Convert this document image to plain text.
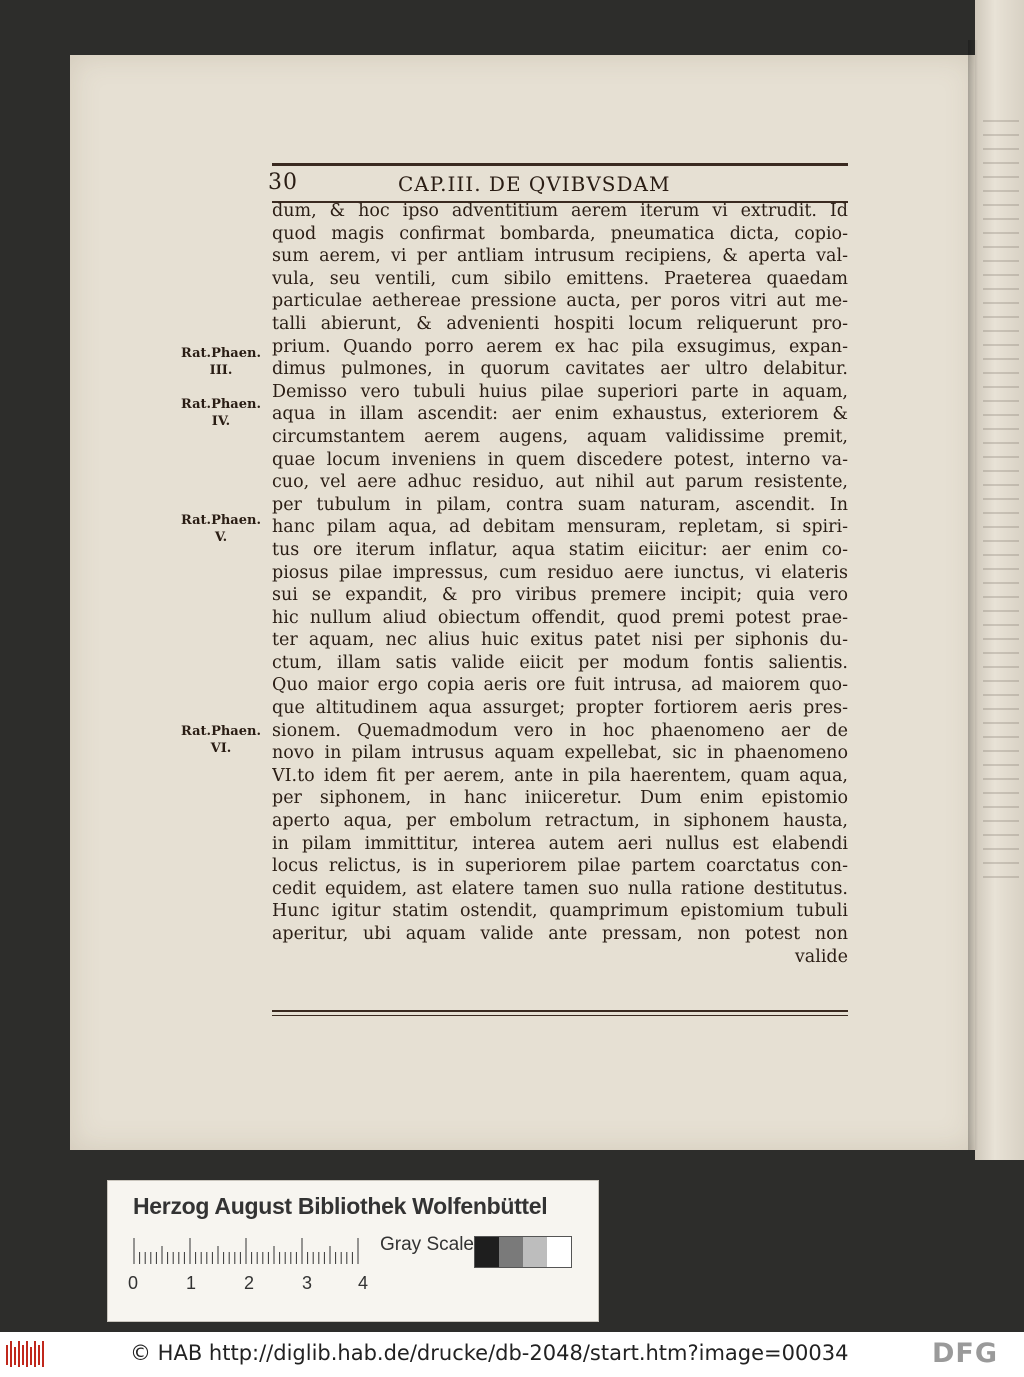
30	CAP.III. DE QVIBVSDAM
dum, & hoc ipso adventitium aerem iterum vi extrudit. Id
quod magis confirmat bombarda, pneumatica dicta, copio-
sum aerem, vi per antliam intrusum recipiens, & aperta val-
vula, seu ventili, cum sibilo emittens. Praeterea quaedam
particulae aethereae pressione aucta, per poros vitri aut me-
talli abierunt, & advenienti hospiti locum reliquerunt pro-
prium. Quando porro aerem ex hac pila exsugimus, expan-
dimus pulmones, in quorum cavitates aer ultro delabitur.
Demisso vero tubuli huius pilae superiori parte in aquam,
aqua in illam ascendit: aer enim exhaustus, exteriorem &
circumstantem aerem augens, aquam validissime premit,
quae locum inveniens in quem discedere potest, interno va-
cuo, vel aere adhuc residuo, aut nihil aut parum resistente,
per tubulum in pilam, contra suam naturam, ascendit. In
hanc pilam aqua, ad debitam mensuram, repletam, si spiri-
tus ore iterum inflatur, aqua statim eiicitur: aer enim co-
piosus pilae impressus, cum residuo aere iunctus, vi elateris
sui se expandit, & pro viribus premere incipit; quia vero
hic nullum aliud obiectum offendit, quod premi potest prae-
ter aquam, nec alius huic exitus patet nisi per siphonis du-
ctum, illam satis valide eiicit per modum fontis salientis.
Quo maior ergo copia aeris ore fuit intrusa, ad maiorem quo-
que altitudinem aqua assurget; propter fortiorem aeris pres-
sionem. Quemadmodum vero in hoc phaenomeno aer de
novo in pilam intrusus aquam expellebat, sic in phaenomeno
VI.to idem fit per aerem, ante in pila haerentem, quam aqua,
per siphonem, in hanc iniiceretur. Dum enim epistomio
aperto aqua, per embolum retractum, in siphonem hausta,
in pilam immittitur, interea autem aeri nullus est elabendi
locus relictus, is in superiorem pilae partem coarctatus con-
cedit equidem, ast elatere tamen suo nulla ratione destitutus.
Hunc igitur statim ostendit, quamprimum epistomium tubuli
aperitur, ubi aquam valide ante pressam, non potest non
valide
Rat.Phaen.
III.
Rat.Phaen.
IV.
Rat.Phaen.
V.
Rat.Phaen.
VI.
Herzog August Bibliothek Wolfenbüttel
Gray Scale
0	1	2	3	4
© HAB http://diglib.hab.de/drucke/db-2048/start.htm?image=00034	DFG
